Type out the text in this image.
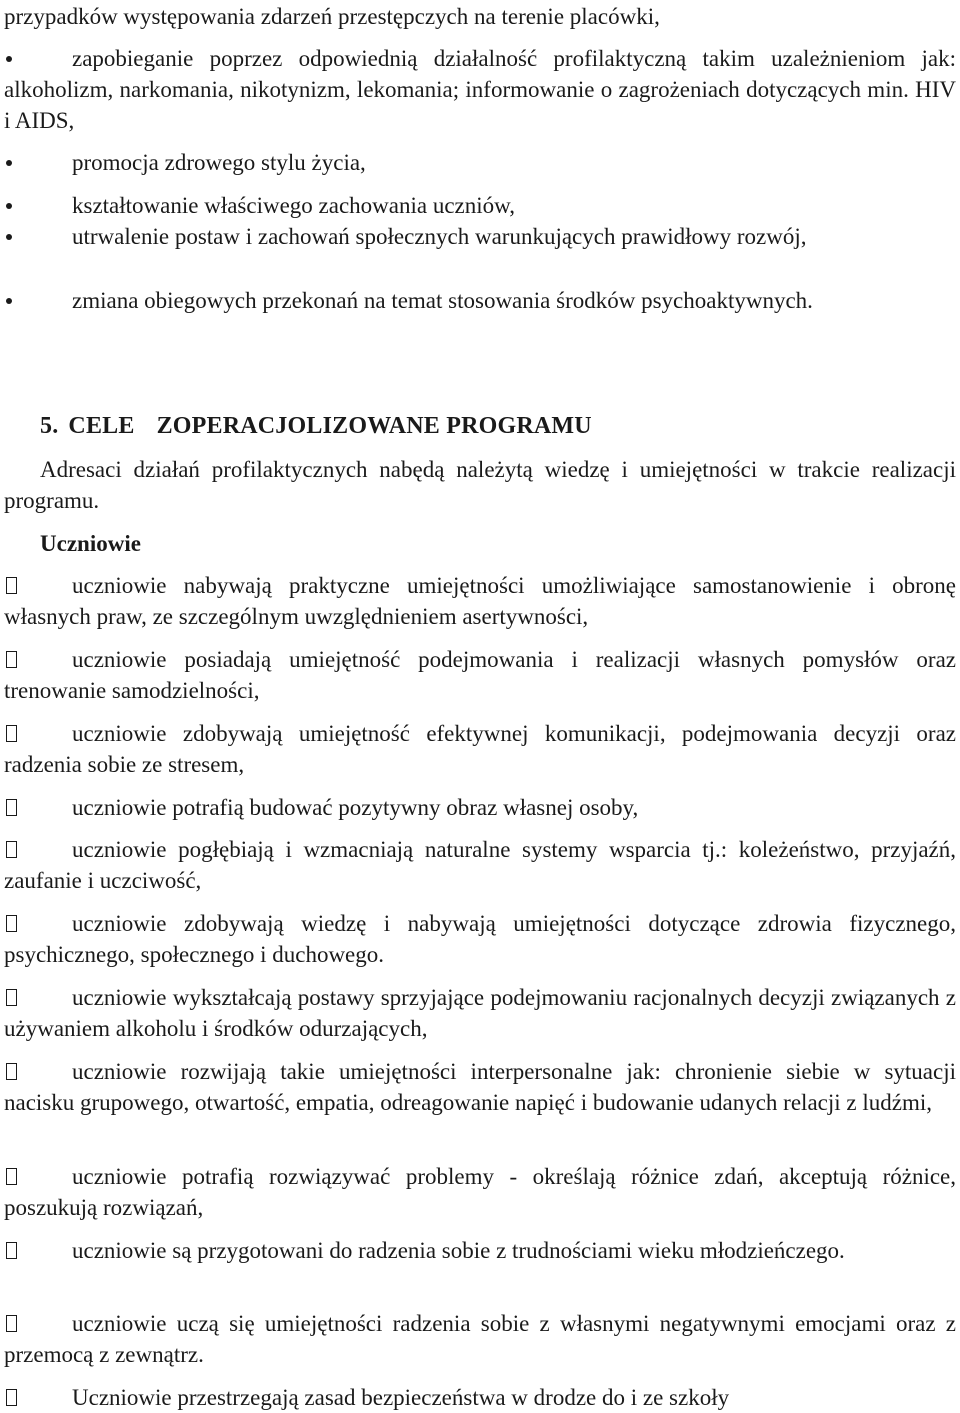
przypadków występowania zdarzeń przestępczych na terenie placówki,
zapobieganie poprzez odpowiednią działalność profilaktyczną takim uzależnieniom jak: alkoholizm, narkomania, nikotynizm, lekomania; informowanie o zagrożeniach dotyczących min. HIV i AIDS,
promocja zdrowego stylu życia,
kształtowanie właściwego zachowania uczniów,
utrwalenie postaw i zachowań społecznych warunkujących prawidłowy rozwój,
zmiana obiegowych przekonań na temat stosowania środków psychoaktywnych.
5. CELE ZOPERACJOLIZOWANE PROGRAMU
Adresaci działań profilaktycznych nabędą należytą wiedzę i umiejętności w trakcie realizacji programu.
Uczniowie
uczniowie nabywają praktyczne umiejętności umożliwiające samostanowienie i obronę własnych praw, ze szczególnym uwzględnieniem asertywności,
uczniowie posiadają umiejętność podejmowania i realizacji własnych pomysłów oraz trenowanie samodzielności,
uczniowie zdobywają umiejętność efektywnej komunikacji, podejmowania decyzji oraz radzenia sobie ze stresem,
uczniowie potrafią budować pozytywny obraz własnej osoby,
uczniowie pogłębiają i wzmacniają naturalne systemy wsparcia tj.: koleżeństwo, przyjaźń, zaufanie i uczciwość,
uczniowie zdobywają wiedzę i nabywają umiejętności dotyczące zdrowia fizycznego, psychicznego, społecznego i duchowego.
uczniowie wykształcają postawy sprzyjające podejmowaniu racjonalnych decyzji związanych z używaniem alkoholu i środków odurzających,
uczniowie rozwijają takie umiejętności interpersonalne jak: chronienie siebie w sytuacji nacisku grupowego, otwartość, empatia, odreagowanie napięć i budowanie udanych relacji z ludźmi,
uczniowie potrafią rozwiązywać problemy - określają różnice zdań, akceptują różnice, poszukują rozwiązań,
uczniowie są przygotowani do radzenia sobie z trudnościami wieku młodzieńczego.
uczniowie uczą się umiejętności radzenia sobie z własnymi negatywnymi emocjami oraz z przemocą z zewnątrz.
Uczniowie przestrzegają zasad bezpieczeństwa w drodze do i ze szkoły
